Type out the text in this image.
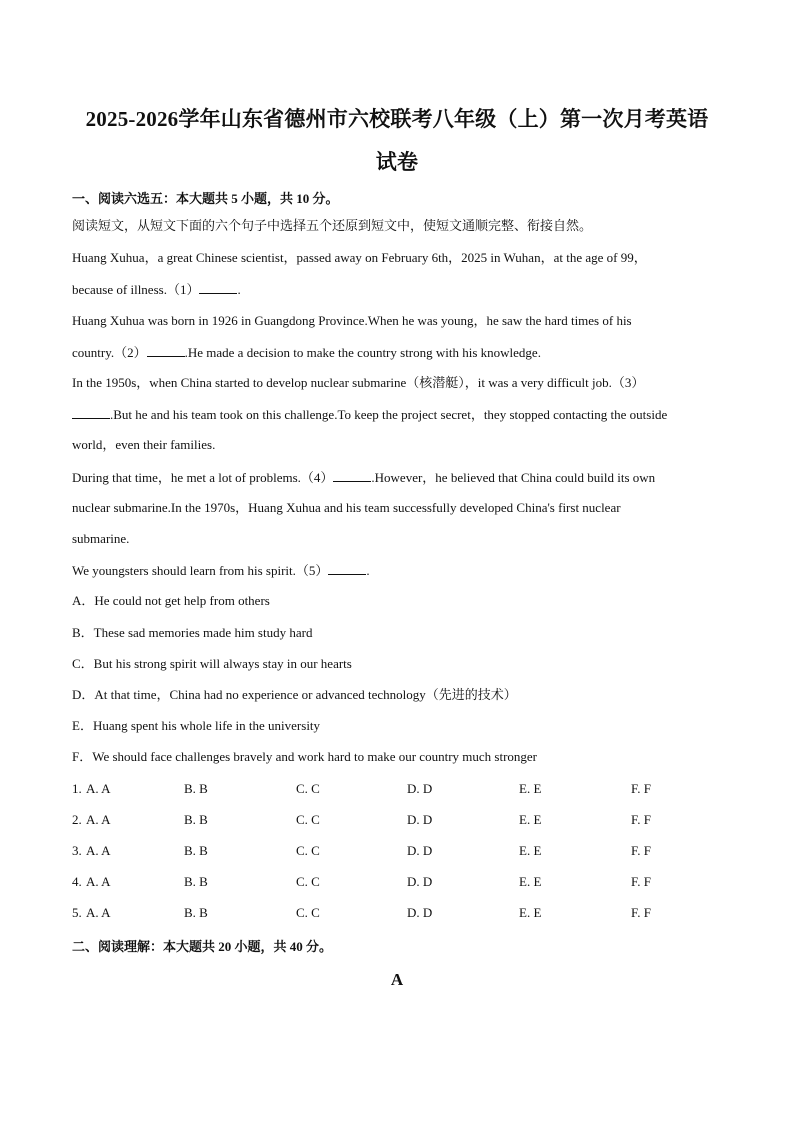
2025-2026学年山东省德州市六校联考八年级（上）第一次月考英语
试卷
一、阅读六选五：本大题共 5 小题，共 10 分。
阅读短文，从短文下面的六个句子中选择五个还原到短文中，使短文通顺完整、衔接自然。
Huang Xuhua，a great Chinese scientist，passed away on February 6th，2025 in Wuhan，at the age of 99，
because of illness.（1）	.
Huang Xuhua was born in 1926 in Guangdong Province.When he was young，he saw the hard times of his
country.（2）	.He made a decision to make the country strong with his knowledge.
In the 1950s，when China started to develop nuclear submarine（核潜艇），it was a very difficult job.（3）
.But he and his team took on this challenge.To keep the project secret，they stopped contacting the outside
world，even their families.
During that time，he met a lot of problems.（4）	.However，he believed that China could build its own
nuclear submarine.In the 1970s，Huang Xuhua and his team successfully developed China's first nuclear
submarine.
We youngsters should learn from his spirit.（5）	.
A．He could not get help from others
B．These sad memories made him study hard
C．But his strong spirit will always stay in our hearts
D．At that time，China had no experience or advanced technology（先进的技术）
E．Huang spent his whole life in the university
F．We should face challenges bravely and work hard to make our country much stronger
1. A. A	B. B	C. C	D. D	E. E	F. F
2. A. A	B. B	C. C	D. D	E. E	F. F
3. A. A	B. B	C. C	D. D	E. E	F. F
4. A. A	B. B	C. C	D. D	E. E	F. F
5. A. A	B. B	C. C	D. D	E. E	F. F
二、阅读理解：本大题共 20 小题，共 40 分。
A
